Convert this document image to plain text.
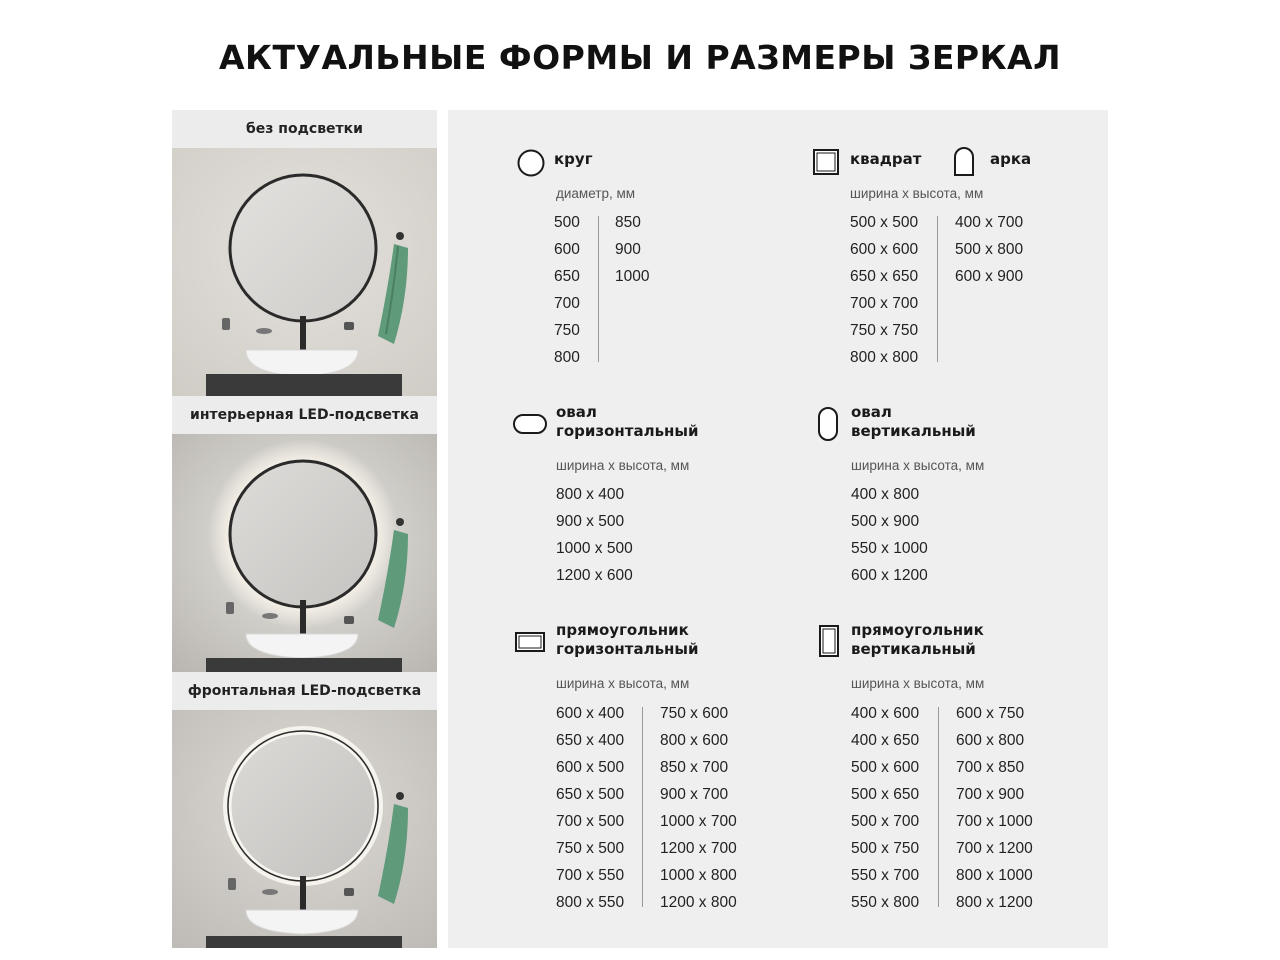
АКТУАЛЬНЫЕ ФОРМЫ И РАЗМЕРЫ ЗЕРКАЛ
без подсветки
интерьерная LED-подсветка
фронтальная LED-подсветка
круг
диаметр, мм
500
600
650
700
750
800
850
900
1000
квадрат	арка
ширина х высота, мм
500 х 500
600 х 600
650 х 650
700 х 700
750 х 750
800 х 800
400 х 700
500 х 800
600 х 900
овал
горизонтальный
ширина х высота, мм
800 х 400
900 х 500
1000 х 500
1200 х 600
овал
вертикальный
ширина х высота, мм
400 х 800
500 х 900
550 х 1000
600 х 1200
прямоугольник
горизонтальный
ширина х высота, мм
600 х 400
650 х 400
600 х 500
650 х 500
700 х 500
750 х 500
700 х 550
800 х 550
750 х 600
800 х 600
850 х 700
900 х 700
1000 х 700
1200 х 700
1000 х 800
1200 х 800
прямоугольник
вертикальный
ширина х высота, мм
400 х 600
400 х 650
500 х 600
500 х 650
500 х 700
500 х 750
550 х 700
550 х 800
600 х 750
600 х 800
700 х 850
700 х 900
700 х 1000
700 х 1200
800 х 1000
800 х 1200
